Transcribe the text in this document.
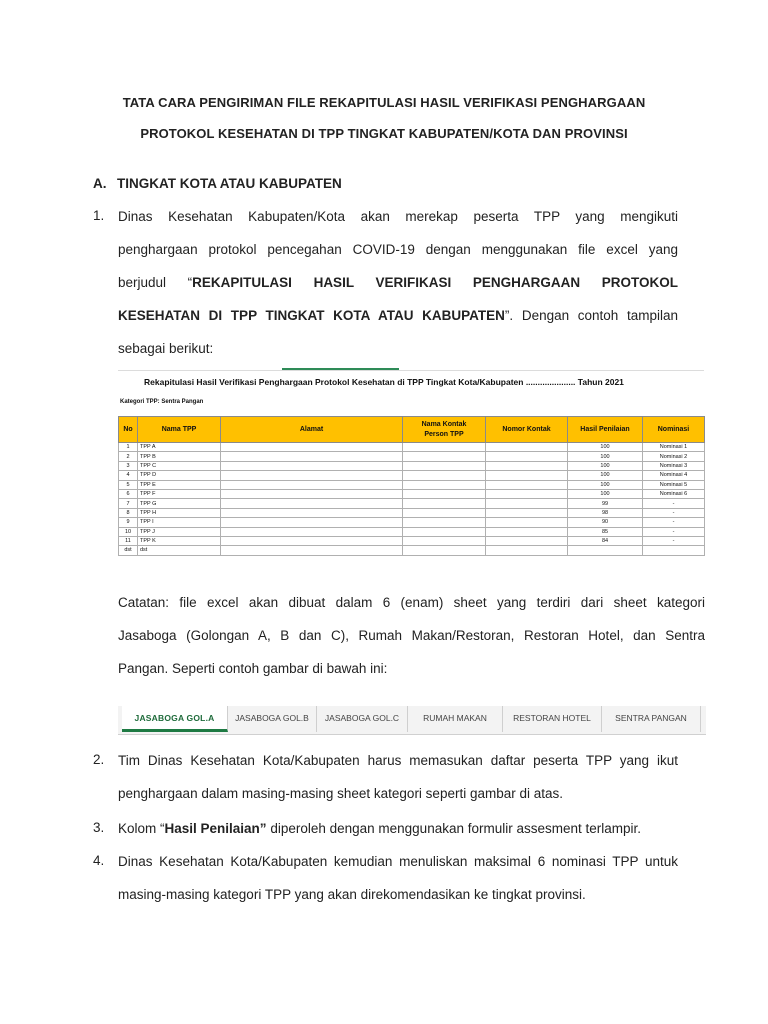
TATA CARA PENGIRIMAN FILE REKAPITULASI HASIL VERIFIKASI PENGHARGAAN
PROTOKOL KESEHATAN DI TPP TINGKAT KABUPATEN/KOTA DAN PROVINSI
A. TINGKAT KOTA ATAU KABUPATEN
1. Dinas Kesehatan Kabupaten/Kota akan merekap peserta TPP yang mengikuti
penghargaan protokol pencegahan COVID-19 dengan menggunakan file excel yang
berjudul “REKAPITULASI HASIL VERIFIKASI PENGHARGAAN PROTOKOL
KESEHATAN DI TPP TINGKAT KOTA ATAU KABUPATEN”. Dengan contoh tampilan
sebagai berikut:
Rekapitulasi Hasil Verifikasi Penghargaan Protokol Kesehatan di TPP Tingkat Kota/Kabupaten ..................... Tahun 2021
Kategori TPP: Sentra Pangan
No	Nama TPP	Alamat	Nama Kontak Person TPP	Nomor Kontak	Hasil Penilaian	Nominasi
1	TPP A				100	Nominasi 1
2	TPP B				100	Nominasi 2
3	TPP C				100	Nominasi 3
4	TPP D				100	Nominasi 4
5	TPP E				100	Nominasi 5
6	TPP F				100	Nominasi 6
7	TPP G				99	-
8	TPP H				98	-
9	TPP I				90	-
10	TPP J				85	-
11	TPP K				84	-
dst	dst					
Catatan: file excel akan dibuat dalam 6 (enam) sheet yang terdiri dari sheet kategori
Jasaboga (Golongan A, B dan C), Rumah Makan/Restoran, Restoran Hotel, dan Sentra
Pangan. Seperti contoh gambar di bawah ini:
JASABOGA GOL.A	JASABOGA GOL.B	JASABOGA GOL.C	RUMAH MAKAN	RESTORAN HOTEL	SENTRA PANGAN
2. Tim Dinas Kesehatan Kota/Kabupaten harus memasukan daftar peserta TPP yang ikut
penghargaan dalam masing-masing sheet kategori seperti gambar di atas.
3. Kolom “Hasil Penilaian” diperoleh dengan menggunakan formulir assesment terlampir.
4. Dinas Kesehatan Kota/Kabupaten kemudian menuliskan maksimal 6 nominasi TPP untuk
masing-masing kategori TPP yang akan direkomendasikan ke tingkat provinsi.
